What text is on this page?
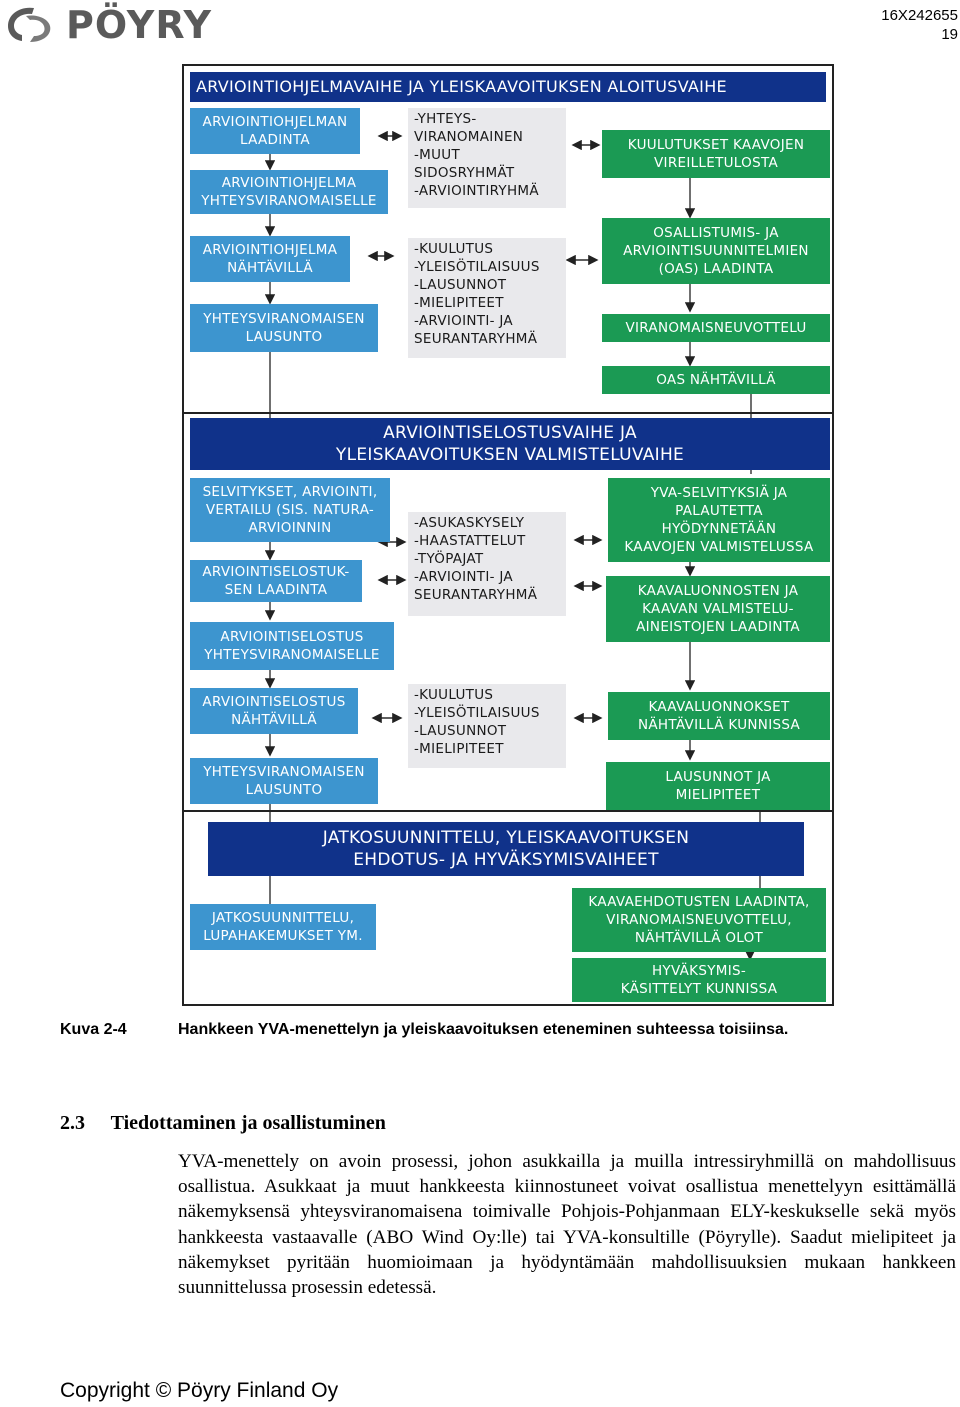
PÖYRY	16X242655
19
ARVIOINTIOHJELMAVAIHE JA YLEISKAAVOITUKSEN ALOITUSVAIHE
ARVIOINTIOHJELMAN
LAADINTA
ARVIOINTIOHJELMA
YHTEYSVIRANOMAISELLE
ARVIOINTIOHJELMA
NÄHTÄVILLÄ
YHTEYSVIRANOMAISEN
LAUSUNTO
-YHTEYS-
VIRANOMAINEN
-MUUT
SIDOSRYHMÄT
-ARVIOINTIRYHMÄ
-KUULUTUS
-YLEISÖTILAISUUS
-LAUSUNNOT
-MIELIPITEET
-ARVIOINTI- JA
SEURANTARYHMÄ
KUULUTUKSET KAAVOJEN
VIREILLETULOSTA
OSALLISTUMIS- JA
ARVIOINTISUUNNITELMIEN
(OAS) LAADINTA
VIRANOMAISNEUVOTTELU
OAS NÄHTÄVILLÄ
ARVIOINTISELOSTUSVAIHE JA
YLEISKAAVOITUKSEN VALMISTELUVAIHE
SELVITYKSET, ARVIOINTI,
VERTAILU (SIS. NATURA-
ARVIOINNIN
ARVIOINTISELOSTUK-
SEN LAADINTA
ARVIOINTISELOSTUS
YHTEYSVIRANOMAISELLE
ARVIOINTISELOSTUS
NÄHTÄVILLÄ
YHTEYSVIRANOMAISEN
LAUSUNTO
-ASUKASKYSELY
-HAASTATTELUT
-TYÖPAJAT
-ARVIOINTI- JA
SEURANTARYHMÄ
-KUULUTUS
-YLEISÖTILAISUUS
-LAUSUNNOT
-MIELIPITEET
YVA-SELVITYKSIÄ JA
PALAUTETTA
HYÖDYNNETÄÄN
KAAVOJEN VALMISTELUSSA
KAAVALUONNOSTEN JA
KAAVAN VALMISTELU-
AINEISTOJEN LAADINTA
KAAVALUONNOKSET
NÄHTÄVILLÄ KUNNISSA
LAUSUNNOT JA
MIELIPITEET
JATKOSUUNNITTELU, YLEISKAAVOITUKSEN
EHDOTUS- JA HYVÄKSYMISVAIHEET
JATKOSUUNNITTELU,
LUPAHAKEMUKSET YM.
KAAVAEHDOTUSTEN LAADINTA,
VIRANOMAISNEUVOTTELU,
NÄHTÄVILLÄ OLOT
HYVÄKSYMIS-
KÄSITTELYT KUNNISSA
Kuva 2-4	Hankkeen YVA-menettelyn ja yleiskaavoituksen eteneminen suhteessa toisiinsa.
2.3 Tiedottaminen ja osallistuminen
YVA-menettely on avoin prosessi, johon asukkailla ja muilla intressiryhmillä on mahdollisuus osallistua. Asukkaat ja muut hankkeesta kiinnostuneet voivat osallistua menettelyyn esittämällä näkemyksensä yhteysviranomaisena toimivalle Pohjois-Pohjanmaan ELY-keskukselle sekä myös hankkeesta vastaavalle (ABO Wind Oy:lle) tai YVA-konsultille (Pöyrylle). Saadut mielipiteet ja näkemykset pyritään huomioimaan ja hyödyntämään mahdollisuuksien mukaan hankkeen suunnittelussa prosessin edetessä.
Copyright © Pöyry Finland Oy
